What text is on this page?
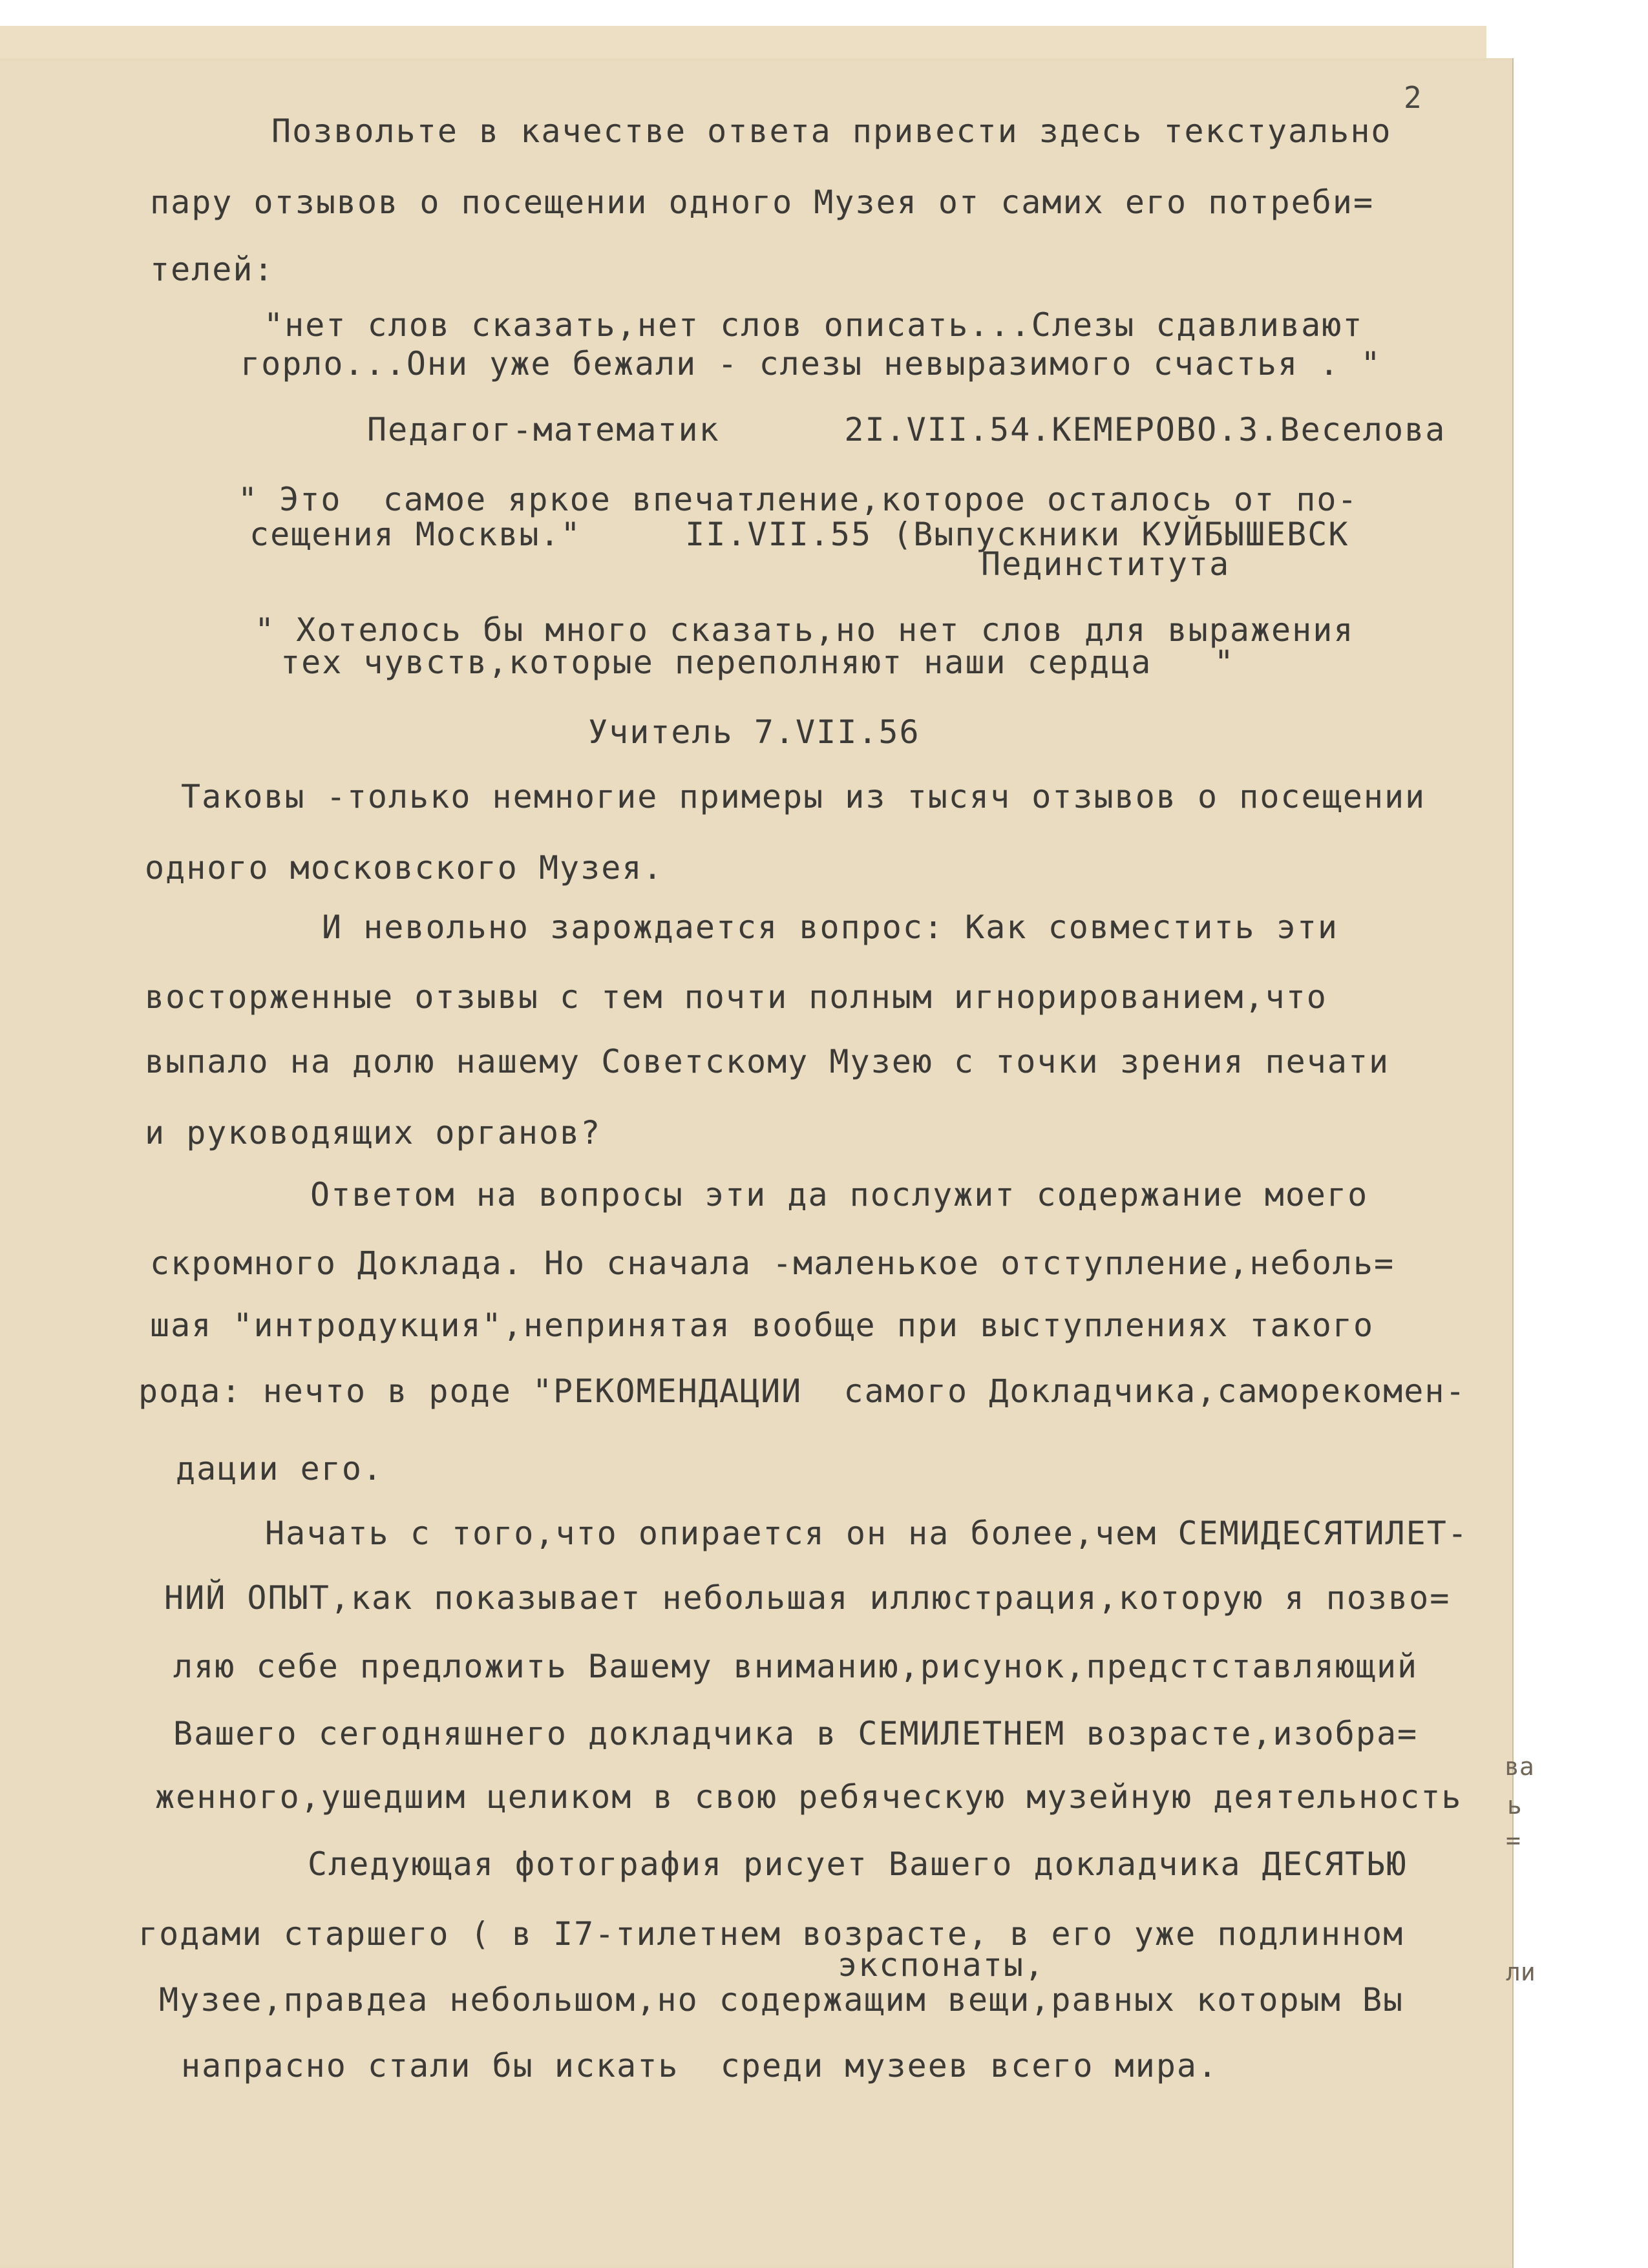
ва
ь
=
ли
2
Позвольте в качестве ответа привести здесь текстуально
пару отзывов о посещении одного Музея от самих его потреби=
телей:
"нет слов сказать,нет слов описать...Слезы сдавливают
горло...Они уже бежали - слезы невыразимого счастья . "
Педагог-математик      2I.VII.54.КЕМЕРОВО.З.Веселова
" Это  самое яркое впечатление,которое осталось от по-
сещения Москвы."     II.VII.55 (Выпускники КУЙБЫШЕВСК
Пединститута
" Хотелось бы много сказать,но нет слов для выражения
тех чувств,которые переполняют наши сердца   "
Учитель 7.VII.56
Таковы -только немногие примеры из тысяч отзывов о посещении
одного московского Музея.
И невольно зарождается вопрос: Как совместить эти
восторженные отзывы с тем почти полным игнорированием,что
выпало на долю нашему Советскому Музею с точки зрения печати
и руководящих органов?
Ответом на вопросы эти да послужит содержание моего
скромного Доклада. Но сначала -маленькое отступление,неболь=
шая "интродукция",непринятая вообще при выступлениях такого
рода: нечто в роде "РЕКОМЕНДАЦИИ  самого Докладчика,саморекомен-
дации его.
Начать с того,что опирается он на более,чем СЕМИДЕСЯТИЛЕТ-
НИЙ ОПЫТ,как показывает небольшая иллюстрация,которую я позво=
ляю себе предложить Вашему вниманию,рисунок,предстставляющий
Вашего сегодняшнего докладчика в СЕМИЛЕТНЕМ возрасте,изобра=
женного,ушедшим целиком в свою ребяческую музейную деятельность
Следующая фотография рисует Вашего докладчика ДЕСЯТЬЮ
годами старшего ( в I7-тилетнем возрасте, в его уже подлинном
экспонаты,
Музее,правдеа небольшом,но содержащим вещи,равных которым Вы
напрасно стали бы искать  среди музеев всего мира.
